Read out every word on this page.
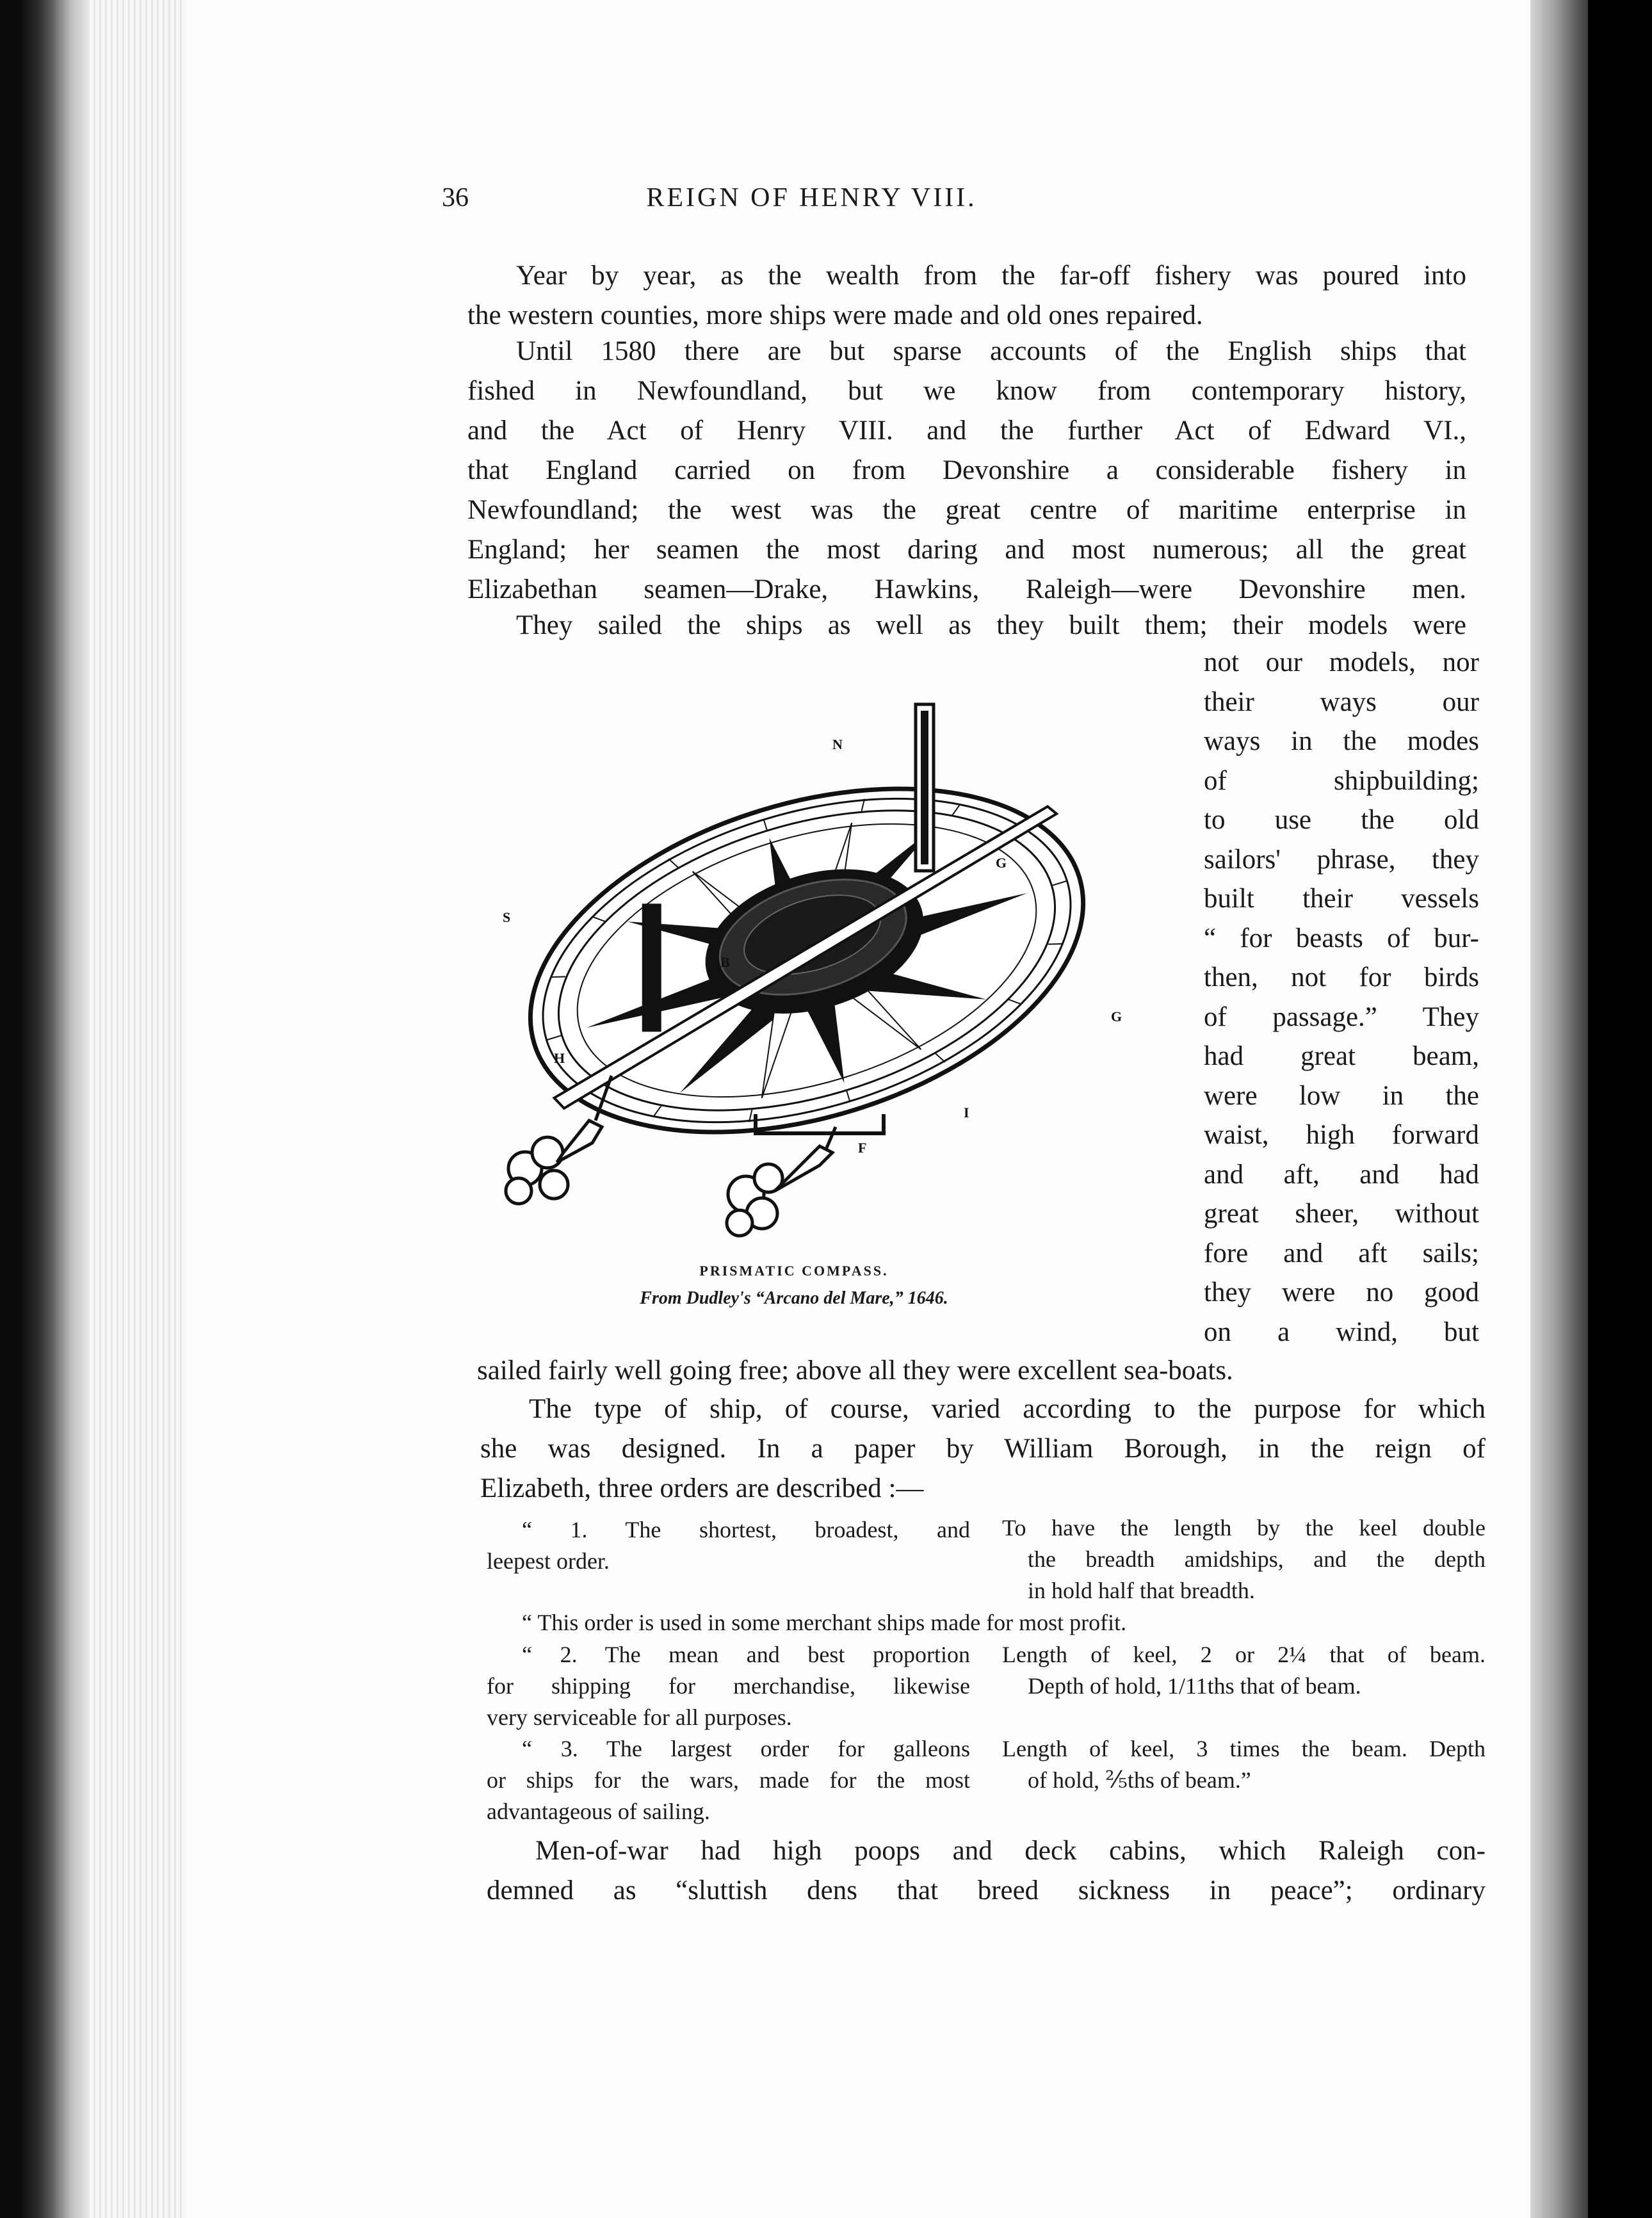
36	REIGN OF HENRY VIII.
Year by year, as the wealth from the far-off fishery was poured into
the western counties, more ships were made and old ones repaired.
Until 1580 there are but sparse accounts of the English ships that
fished in Newfoundland, but we know from contemporary history,
and the Act of Henry VIII. and the further Act of Edward VI.,
that England carried on from Devonshire a considerable fishery in
Newfoundland; the west was the great centre of maritime enterprise in
England; her seamen the most daring and most numerous; all the great
Elizabethan seamen—Drake, Hawkins, Raleigh—were Devonshire men.
They sailed the ships as well as they built them; their models were
not our models, nor
their ways our
ways in the modes
of shipbuilding;
to use the old
sailors' phrase, they
built their vessels
“ for beasts of bur-
then, not for birds
of passage.” They
had great beam,
were low in the
waist, high forward
and aft, and had
great sheer, without
fore and aft sails;
they were no good
on a wind, but
N
G
B
G
H
F
I
S
PRISMATIC COMPASS.
From Dudley's “Arcano del Mare,” 1646.
sailed fairly well going free; above all they were excellent sea-boats.
The type of ship, of course, varied according to the purpose for which
she was designed. In a paper by William Borough, in the reign of
Elizabeth, three orders are described :—
“ 1. The shortest, broadest, and
leepest order.
To have the length by the keel double
the breadth amidships, and the depth
in hold half that breadth.
“ This order is used in some merchant ships made for most profit.
“ 2. The mean and best proportion
for shipping for merchandise, likewise
very serviceable for all purposes.
Length of keel, 2 or 2¼ that of beam.
Depth of hold, 1/11ths that of beam.
“ 3. The largest order for galleons
or ships for the wars, made for the most
advantageous of sailing.
Length of keel, 3 times the beam. Depth
of hold, ⅖ths of beam.”
Men-of-war had high poops and deck cabins, which Raleigh con-
demned as “sluttish dens that breed sickness in peace”; ordinary
